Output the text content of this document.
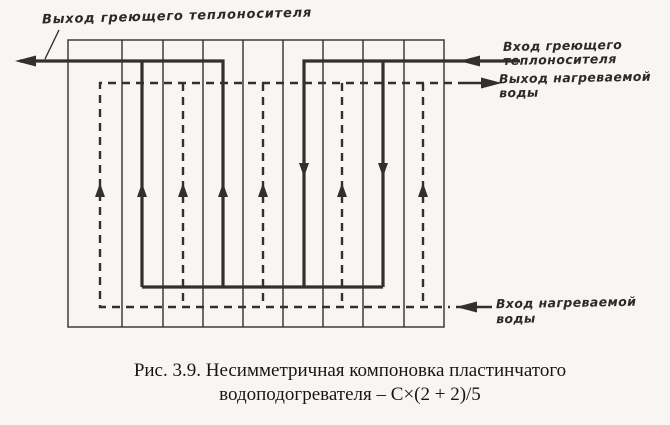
Выход греющего теплоносителя
Вход греющего
теплоносителя
Выход нагреваемой
воды
Вход нагреваемой
воды
Рис. 3.9. Несимметричная компоновка пластинчатого
водоподогревателя – С×(2 + 2)/5
